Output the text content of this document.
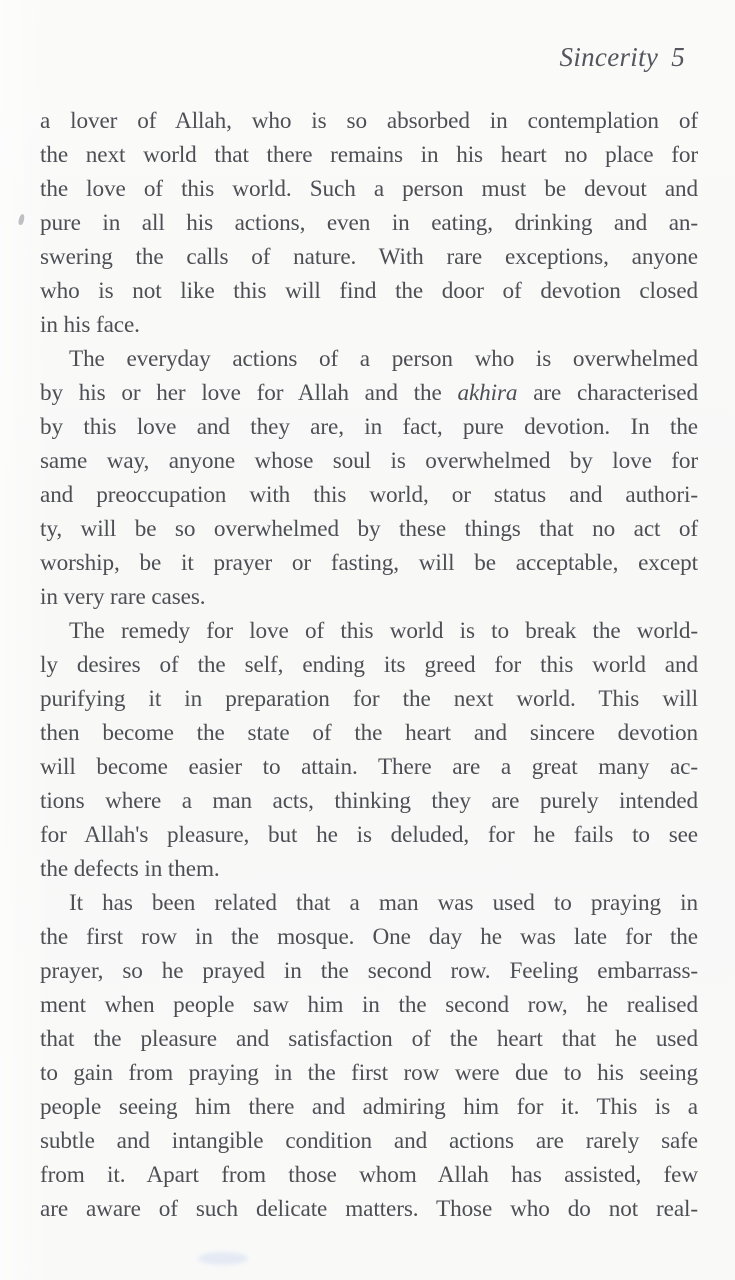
Sincerity 5
a lover of Allah, who is so absorbed in contemplation of
the next world that there remains in his heart no place for
the love of this world. Such a person must be devout and
pure in all his actions, even in eating, drinking and an-
swering the calls of nature. With rare exceptions, anyone
who is not like this will find the door of devotion closed
in his face.
The everyday actions of a person who is overwhelmed
by his or her love for Allah and the akhira are characterised
by this love and they are, in fact, pure devotion. In the
same way, anyone whose soul is overwhelmed by love for
and preoccupation with this world, or status and authori-
ty, will be so overwhelmed by these things that no act of
worship, be it prayer or fasting, will be acceptable, except
in very rare cases.
The remedy for love of this world is to break the world-
ly desires of the self, ending its greed for this world and
purifying it in preparation for the next world. This will
then become the state of the heart and sincere devotion
will become easier to attain. There are a great many ac-
tions where a man acts, thinking they are purely intended
for Allah's pleasure, but he is deluded, for he fails to see
the defects in them.
It has been related that a man was used to praying in
the first row in the mosque. One day he was late for the
prayer, so he prayed in the second row. Feeling embarrass-
ment when people saw him in the second row, he realised
that the pleasure and satisfaction of the heart that he used
to gain from praying in the first row were due to his seeing
people seeing him there and admiring him for it. This is a
subtle and intangible condition and actions are rarely safe
from it. Apart from those whom Allah has assisted, few
are aware of such delicate matters. Those who do not real-
